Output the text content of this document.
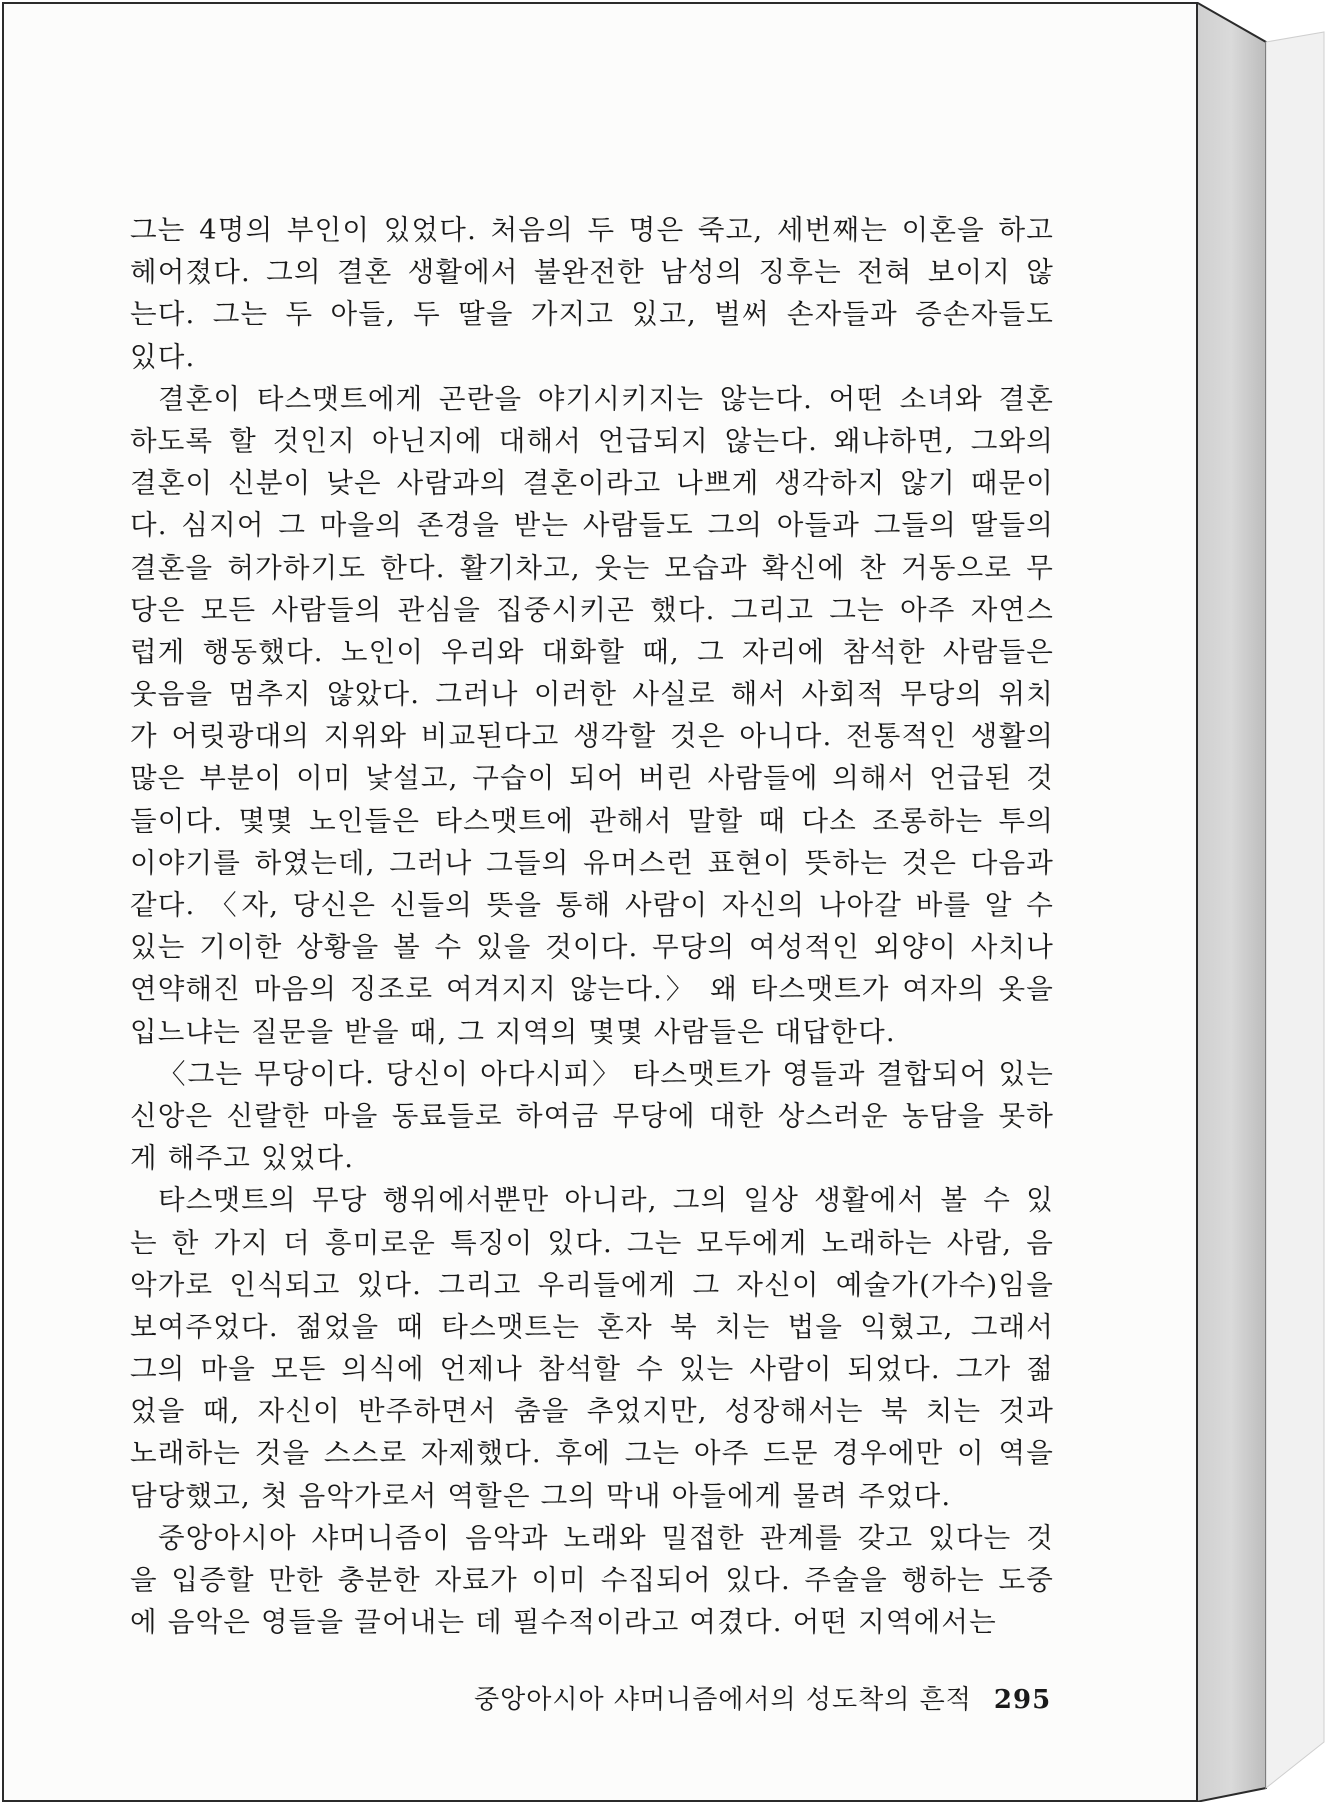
그는 4명의 부인이 있었다. 처음의 두 명은 죽고, 세번째는 이혼을 하고
헤어졌다. 그의 결혼 생활에서 불완전한 남성의 징후는 전혀 보이지 않
는다. 그는 두 아들, 두 딸을 가지고 있고, 벌써 손자들과 증손자들도
있다.
결혼이 타스맷트에게 곤란을 야기시키지는 않는다. 어떤 소녀와 결혼
하도록 할 것인지 아닌지에 대해서 언급되지 않는다. 왜냐하면, 그와의
결혼이 신분이 낮은 사람과의 결혼이라고 나쁘게 생각하지 않기 때문이
다. 심지어 그 마을의 존경을 받는 사람들도 그의 아들과 그들의 딸들의
결혼을 허가하기도 한다. 활기차고, 웃는 모습과 확신에 찬 거동으로 무
당은 모든 사람들의 관심을 집중시키곤 했다. 그리고 그는 아주 자연스
럽게 행동했다. 노인이 우리와 대화할 때, 그 자리에 참석한 사람들은
웃음을 멈추지 않았다. 그러나 이러한 사실로 해서 사회적 무당의 위치
가 어릿광대의 지위와 비교된다고 생각할 것은 아니다. 전통적인 생활의
많은 부분이 이미 낯설고, 구습이 되어 버린 사람들에 의해서 언급된 것
들이다. 몇몇 노인들은 타스맷트에 관해서 말할 때 다소 조롱하는 투의
이야기를 하였는데, 그러나 그들의 유머스런 표현이 뜻하는 것은 다음과
같다. 〈자, 당신은 신들의 뜻을 통해 사람이 자신의 나아갈 바를 알 수
있는 기이한 상황을 볼 수 있을 것이다. 무당의 여성적인 외양이 사치나
연약해진 마음의 징조로 여겨지지 않는다.〉 왜 타스맷트가 여자의 옷을
입느냐는 질문을 받을 때, 그 지역의 몇몇 사람들은 대답한다.
〈그는 무당이다. 당신이 아다시피〉 타스맷트가 영들과 결합되어 있는
신앙은 신랄한 마을 동료들로 하여금 무당에 대한 상스러운 농담을 못하
게 해주고 있었다.
타스맷트의 무당 행위에서뿐만 아니라, 그의 일상 생활에서 볼 수 있
는 한 가지 더 흥미로운 특징이 있다. 그는 모두에게 노래하는 사람, 음
악가로 인식되고 있다. 그리고 우리들에게 그 자신이 예술가(가수)임을
보여주었다. 젊었을 때 타스맷트는 혼자 북 치는 법을 익혔고, 그래서
그의 마을 모든 의식에 언제나 참석할 수 있는 사람이 되었다. 그가 젊
었을 때, 자신이 반주하면서 춤을 추었지만, 성장해서는 북 치는 것과
노래하는 것을 스스로 자제했다. 후에 그는 아주 드문 경우에만 이 역을
담당했고, 첫 음악가로서 역할은 그의 막내 아들에게 물려 주었다.
중앙아시아 샤머니즘이 음악과 노래와 밀접한 관계를 갖고 있다는 것
을 입증할 만한 충분한 자료가 이미 수집되어 있다. 주술을 행하는 도중
에 음악은 영들을 끌어내는 데 필수적이라고 여겼다. 어떤 지역에서는
중앙아시아 샤머니즘에서의 성도착의 흔적 295
